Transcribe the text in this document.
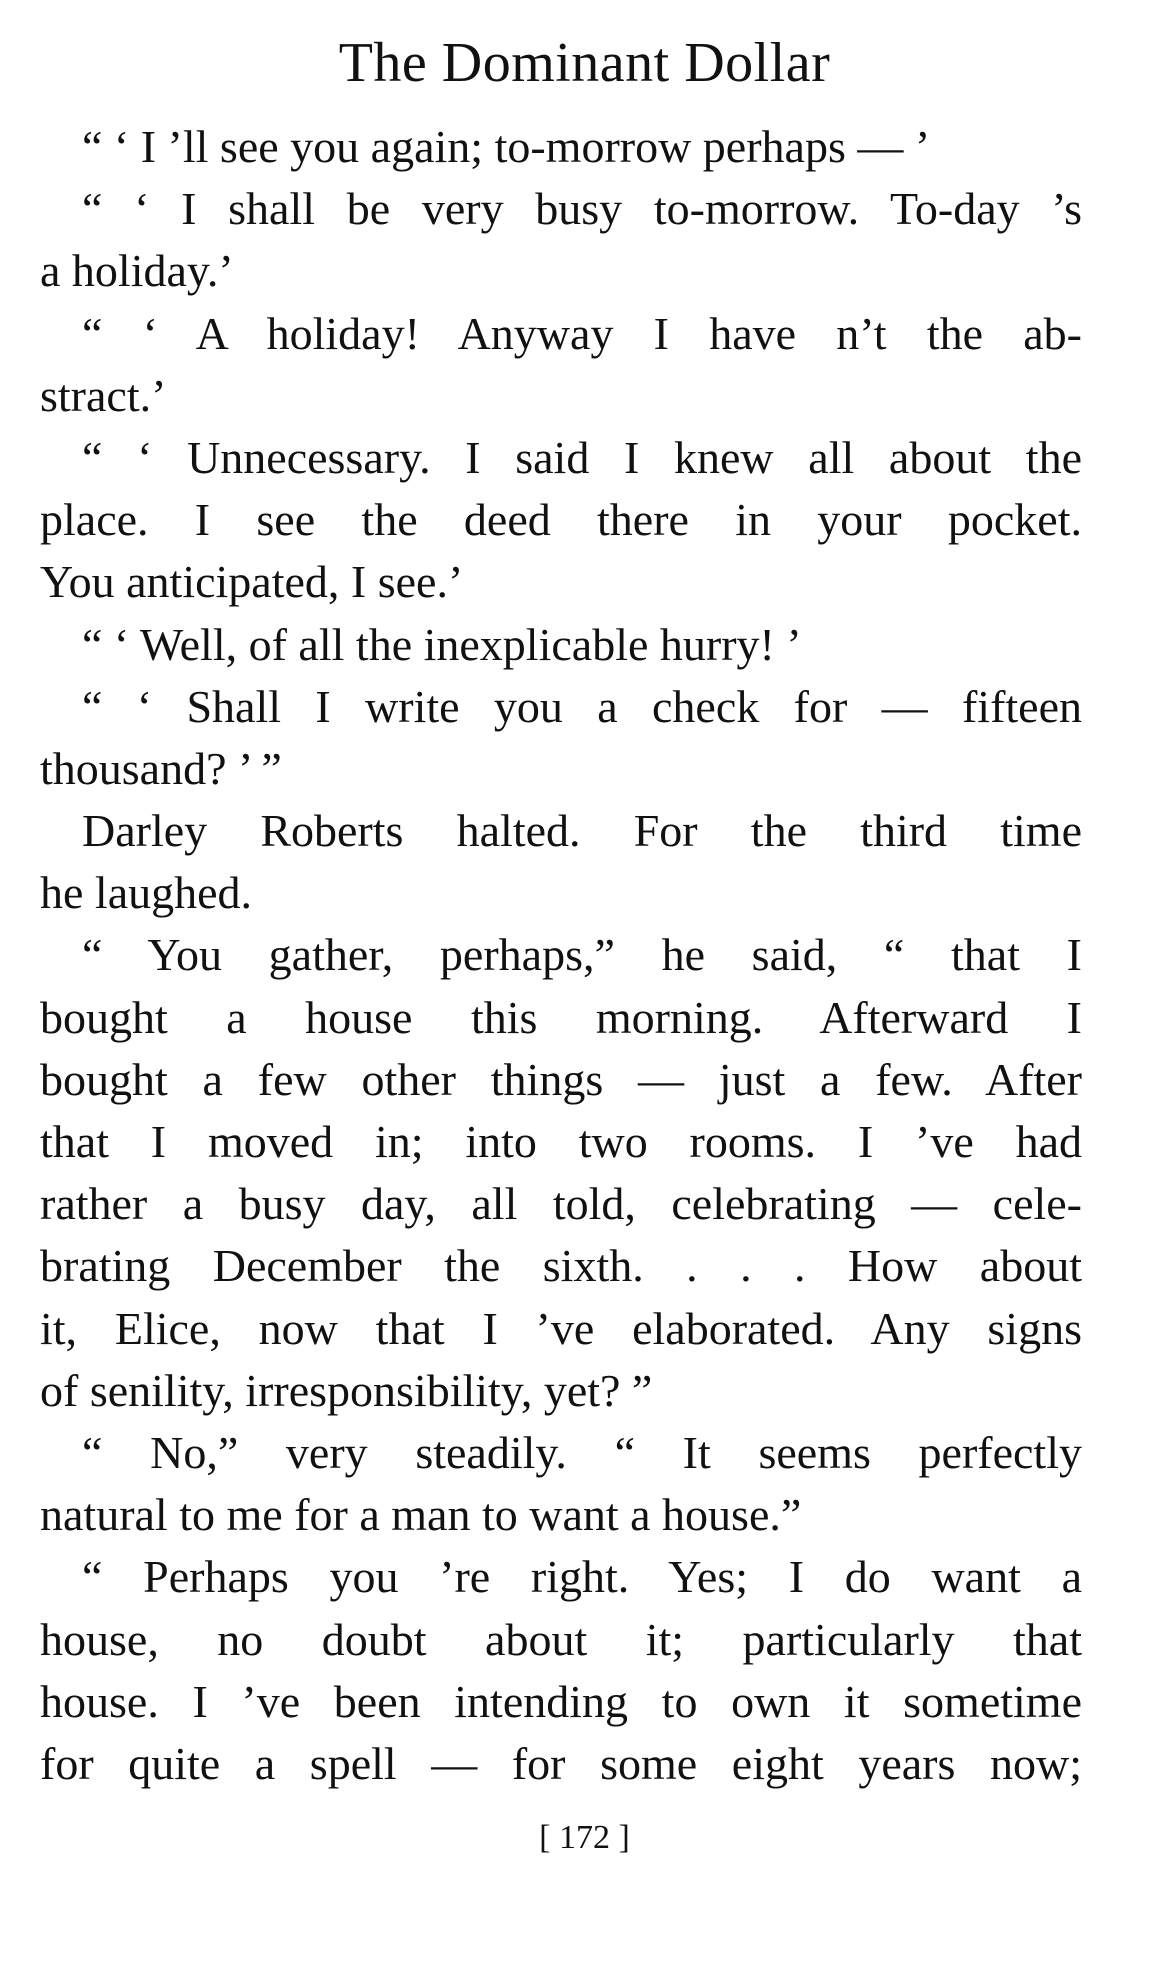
The Dominant Dollar
“ ‘ I ’ll see you again; to-morrow perhaps — ’
“ ‘ I shall be very busy to-morrow. To-day ’s
a holiday.’
“ ‘ A holiday! Anyway I have n’t the ab-
stract.’
“ ‘ Unnecessary. I said I knew all about the
place. I see the deed there in your pocket.
You anticipated, I see.’
“ ‘ Well, of all the inexplicable hurry! ’
“ ‘ Shall I write you a check for — fifteen
thousand? ’ ”
Darley Roberts halted. For the third time
he laughed.
“ You gather, perhaps,” he said, “ that I
bought a house this morning. Afterward I
bought a few other things — just a few. After
that I moved in; into two rooms. I ’ve had
rather a busy day, all told, celebrating — cele-
brating December the sixth. . . . How about
it, Elice, now that I ’ve elaborated. Any signs
of senility, irresponsibility, yet? ”
“ No,” very steadily. “ It seems perfectly
natural to me for a man to want a house.”
“ Perhaps you ’re right. Yes; I do want a
house, no doubt about it; particularly that
house. I ’ve been intending to own it sometime
for quite a spell — for some eight years now;
[ 172 ]
